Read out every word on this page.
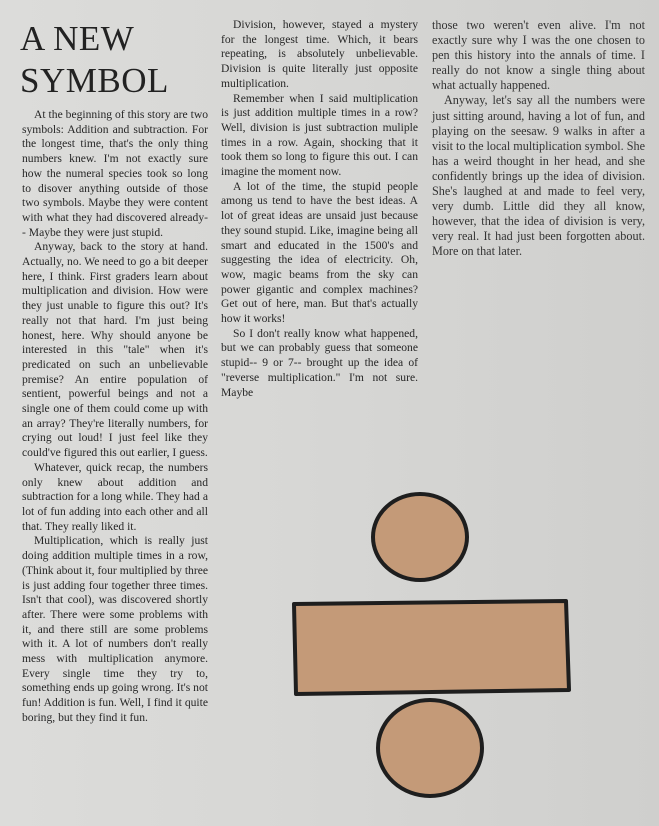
A NEW
SYMBOL

At the beginning of this story are two symbols: Addition and subtraction. For the longest time, that's the only thing numbers knew. I'm not exactly sure how the numeral species took so long to disover anything outside of those two symbols. Maybe they were content with what they had discovered already-- Maybe they were just stupid.

Anyway, back to the story at hand. Actually, no. We need to go a bit deeper here, I think. First graders learn about multiplication and division. How were they just unable to figure this out? It's really not that hard. I'm just being honest, here. Why should anyone be interested in this "tale" when it's predicated on such an unbelievable premise? An entire population of sentient, powerful beings and not a single one of them could come up with an array? They're literally numbers, for crying out loud! I just feel like they could've figured this out earlier, I guess.

Whatever, quick recap, the numbers only knew about addition and subtraction for a long while. They had a lot of fun adding into each other and all that. They really liked it.

Multiplication, which is really just doing addition multiple times in a row, (Think about it, four multiplied by three is just adding four together three times. Isn't that cool), was discovered shortly after. There were some problems with it, and there still are some problems with it. A lot of numbers don't really mess with multiplication anymore. Every single time they try to, something ends up going wrong. It's not fun! Addition is fun. Well, I find it quite boring, but they find it fun.

Division, however, stayed a mystery for the longest time. Which, it bears repeating, is absolutely unbelievable. Division is quite literally just opposite multiplication.

Remember when I said multiplication is just addition multiple times in a row? Well, division is just subtraction muliple times in a row. Again, shocking that it took them so long to figure this out. I can imagine the moment now.

A lot of the time, the stupid people among us tend to have the best ideas. A lot of great ideas are unsaid just because they sound stupid. Like, imagine being all smart and educated in the 1500's and suggesting the idea of electricity. Oh, wow, magic beams from the sky can power gigantic and complex machines? Get out of here, man. But that's actually how it works!

So I don't really know what happened, but we can probably guess that someone stupid-- 9 or 7-- brought up the idea of "reverse multiplication." I'm not sure. Maybe

those two weren't even alive. I'm not exactly sure why I was the one chosen to pen this history into the annals of time. I really do not know a single thing about what actually happened.

Anyway, let's say all the numbers were just sitting around, having a lot of fun, and playing on the seesaw. 9 walks in after a visit to the local multiplication symbol. She has a weird thought in her head, and she confidently brings up the idea of division. She's laughed at and made to feel very, very dumb. Little did they all know, however, that the idea of division is very, very real. It had just been forgotten about. More on that later.
